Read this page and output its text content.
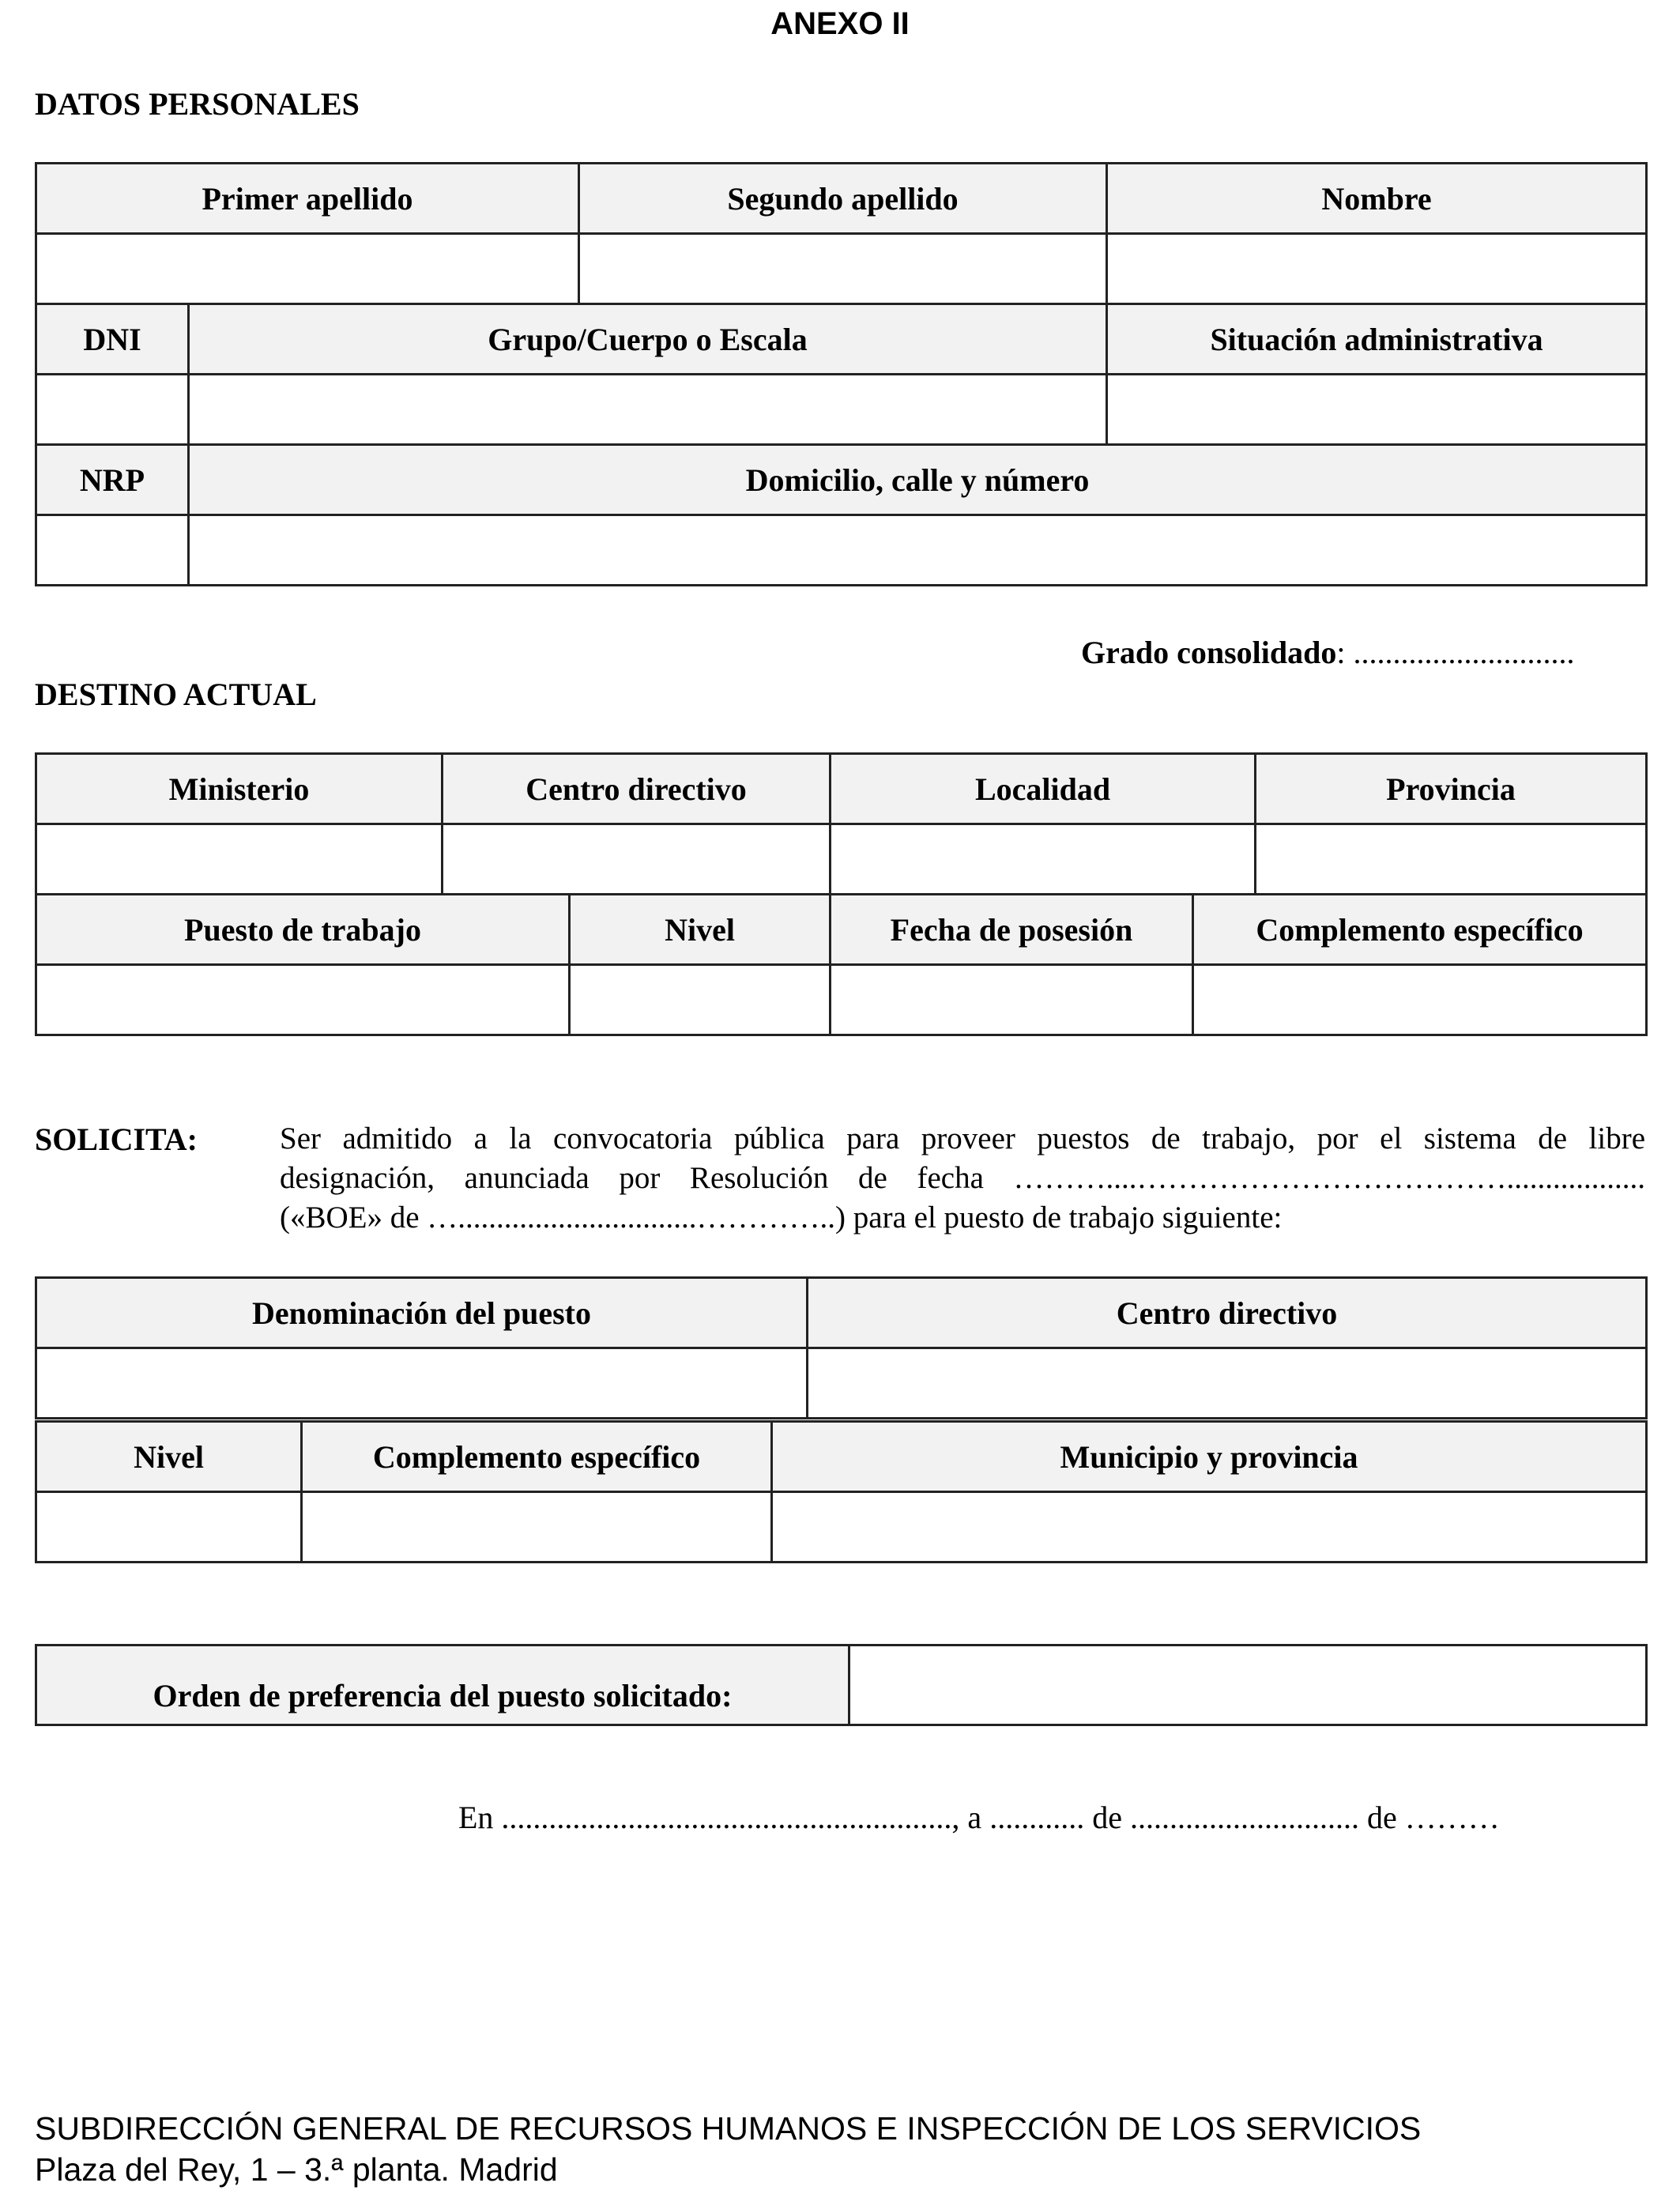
ANEXO II
DATOS PERSONALES
Primer apellido		Segundo apellido	Nombre

DNI	Grupo/Cuerpo o Escala		Situación administrativa

NRP	Domicilio, calle y número		

Grado consolidado: ............................
DESTINO ACTUAL
Ministerio	Centro directivo		Localidad		Provincia

Puesto de trabajo		Nivel	Fecha de posesión	Complemento específico	

SOLICITA:	Ser admitido a la convocatoria pública para proveer puestos de trabajo, por el sistema de libre
designación, anunciada por Resolución de fecha ………....………………………………..................
(«BOE» de …...............................…………..) para el puesto de trabajo siguiente:
Denominación del puesto	Centro directivo

Nivel	Complemento específico	Municipio y provincia

Orden de preferencia del puesto solicitado:	
En ........................................................., a ............ de ............................. de ………
SUBDIRECCIÓN GENERAL DE RECURSOS HUMANOS E INSPECCIÓN DE LOS SERVICIOS
Plaza del Rey, 1 – 3.ª planta. Madrid
